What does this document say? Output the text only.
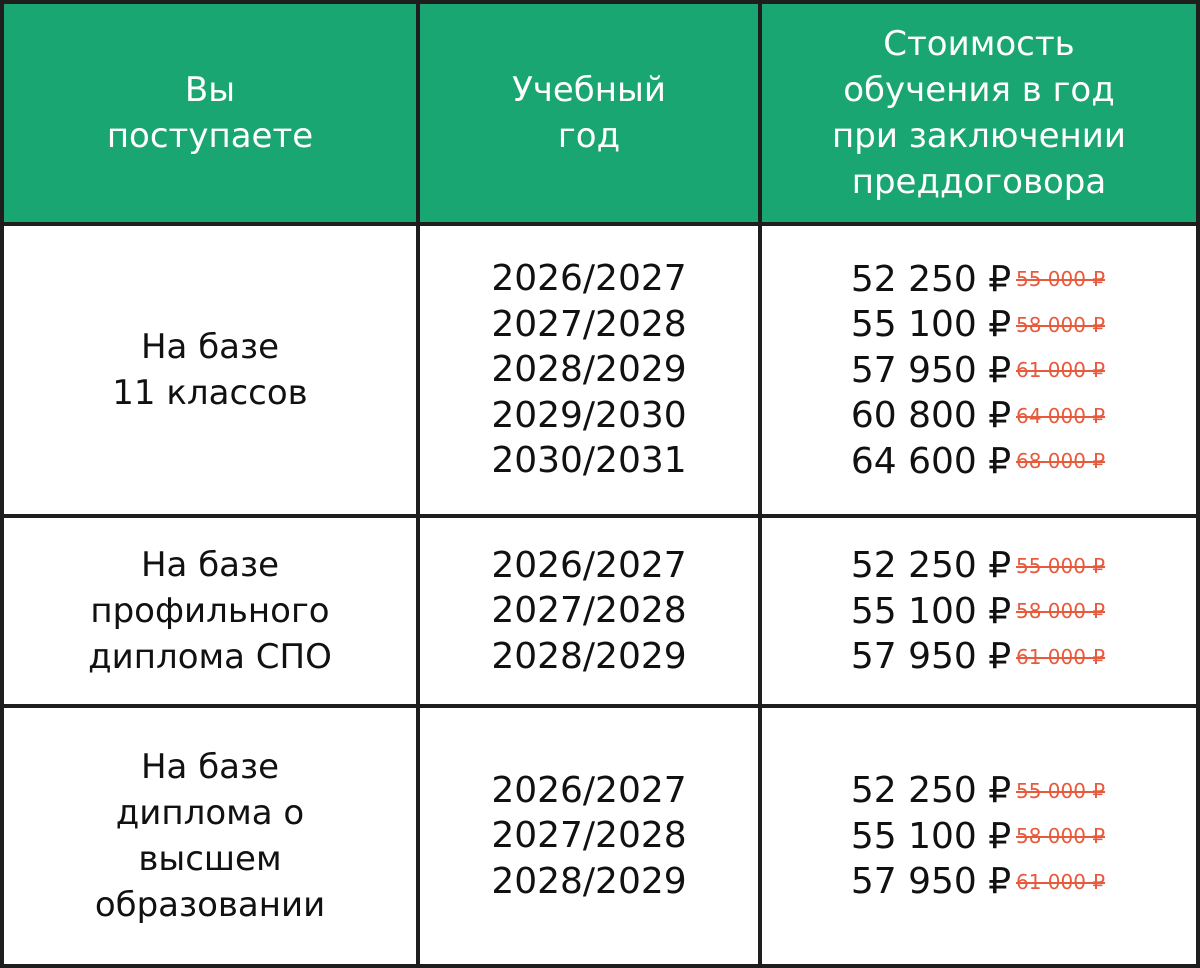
Вы
поступаете
Учебный
год
Стоимость
обучения в год
при заключении
преддоговора
На базе
11 классов
2026/2027
2027/2028
2028/2029
2029/2030
2030/2031
52 250 ₽ 55 000 ₽
55 100 ₽ 58 000 ₽
57 950 ₽ 61 000 ₽
60 800 ₽ 64 000 ₽
64 600 ₽ 68 000 ₽
На базе
профильного
диплома СПО
2026/2027
2027/2028
2028/2029
52 250 ₽ 55 000 ₽
55 100 ₽ 58 000 ₽
57 950 ₽ 61 000 ₽
На базе
диплома о
высшем
образовании
2026/2027
2027/2028
2028/2029
52 250 ₽ 55 000 ₽
55 100 ₽ 58 000 ₽
57 950 ₽ 61 000 ₽
